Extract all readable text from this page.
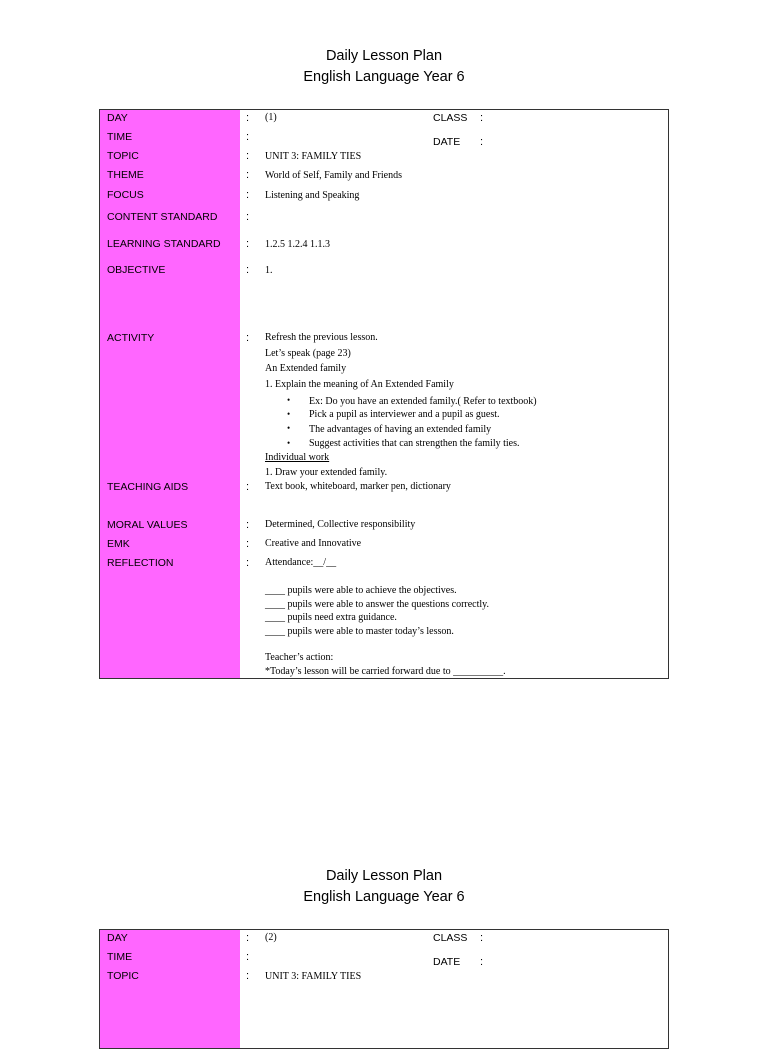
Daily Lesson Plan
English Language Year 6
DAY	: (1)	CLASS :
TIME	:	DATE :
TOPIC	: UNIT 3: FAMILY TIES
THEME	: World of Self, Family and Friends
FOCUS	: Listening and Speaking
CONTENT STANDARD	:
LEARNING STANDARD : 1.2.5 1.2.4 1.1.3
OBJECTIVE	: 1.
ACTIVITY	: Refresh the previous lesson.
Let’s speak (page 23)
An Extended family
1. Explain the meaning of An Extended Family
• Ex: Do you have an extended family.( Refer to textbook)
• Pick a pupil as interviewer and a pupil as guest.
• The advantages of having an extended family
• Suggest activities that can strengthen the family ties.
Individual work
1. Draw your extended family.
TEACHING AIDS	: Text book, whiteboard, marker pen, dictionary
MORAL VALUES	: Determined, Collective responsibility
EMK	: Creative and Innovative
REFLECTION	: Attendance:__/__
____ pupils were able to achieve the objectives.
____ pupils were able to answer the questions correctly.
____ pupils need extra guidance.
____ pupils were able to master today’s lesson.
Teacher’s action:
*Today’s lesson will be carried forward due to __________.
Daily Lesson Plan
English Language Year 6
DAY	: (2)	CLASS :
TIME	:	DATE :
TOPIC	: UNIT 3: FAMILY TIES
